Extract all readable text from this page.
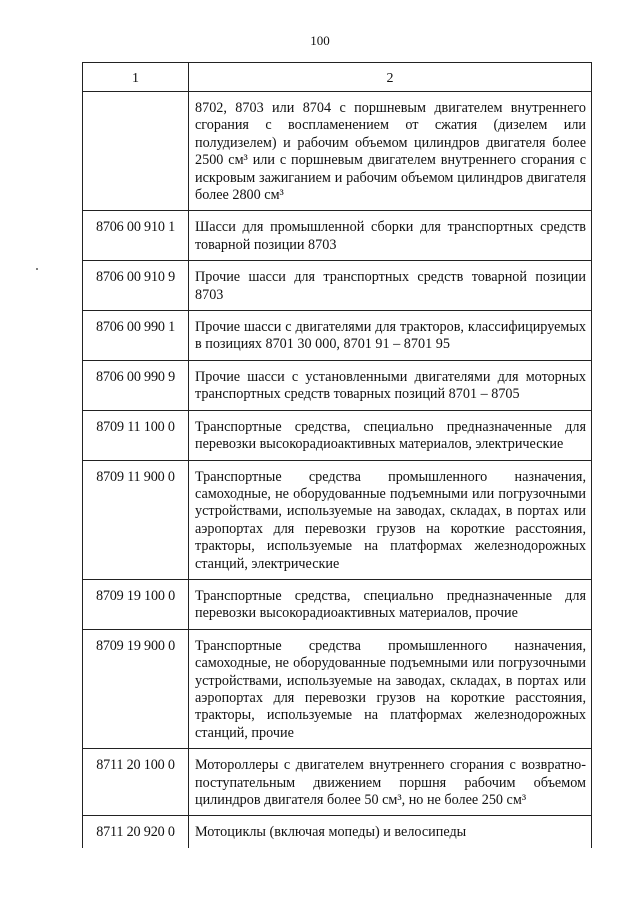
100
1	2
	8702, 8703 или 8704 с поршневым двигателем внутреннего сгорания с воспламенением от сжатия (дизелем или полудизелем) и рабочим объемом цилиндров двигателя более 2500 см³ или с поршневым двигателем внутреннего сгорания с искровым зажиганием и рабочим объемом цилиндров двигателя более 2800 см³
8706 00 910 1	Шасси для промышленной сборки для транспортных средств товарной позиции 8703
8706 00 910 9	Прочие шасси для транспортных средств товарной позиции 8703
8706 00 990 1	Прочие шасси с двигателями для тракторов, классифицируемых в позициях 8701 30 000, 8701 91 – 8701 95
8706 00 990 9	Прочие шасси с установленными двигателями для моторных транспортных средств товарных позиций 8701 – 8705
8709 11 100 0	Транспортные средства, специально предназначенные для перевозки высокорадиоактивных материалов, электрические
8709 11 900 0	Транспортные средства промышленного назначения, самоходные, не оборудованные подъемными или погрузочными устройствами, используемые на заводах, складах, в портах или аэропортах для перевозки грузов на короткие расстояния, тракторы, используемые на платформах железнодорожных станций, электрические
8709 19 100 0	Транспортные средства, специально предназначенные для перевозки высокорадиоактивных материалов, прочие
8709 19 900 0	Транспортные средства промышленного назначения, самоходные, не оборудованные подъемными или погрузочными устройствами, используемые на заводах, складах, в портах или аэропортах для перевозки грузов на короткие расстояния, тракторы, используемые на платформах железнодорожных станций, прочие
8711 20 100 0	Мотороллеры с двигателем внутреннего сгорания с возвратно-поступательным движением поршня рабочим объемом цилиндров двигателя более 50 см³, но не более 250 см³
8711 20 920 0	Мотоциклы (включая мопеды) и велосипеды
